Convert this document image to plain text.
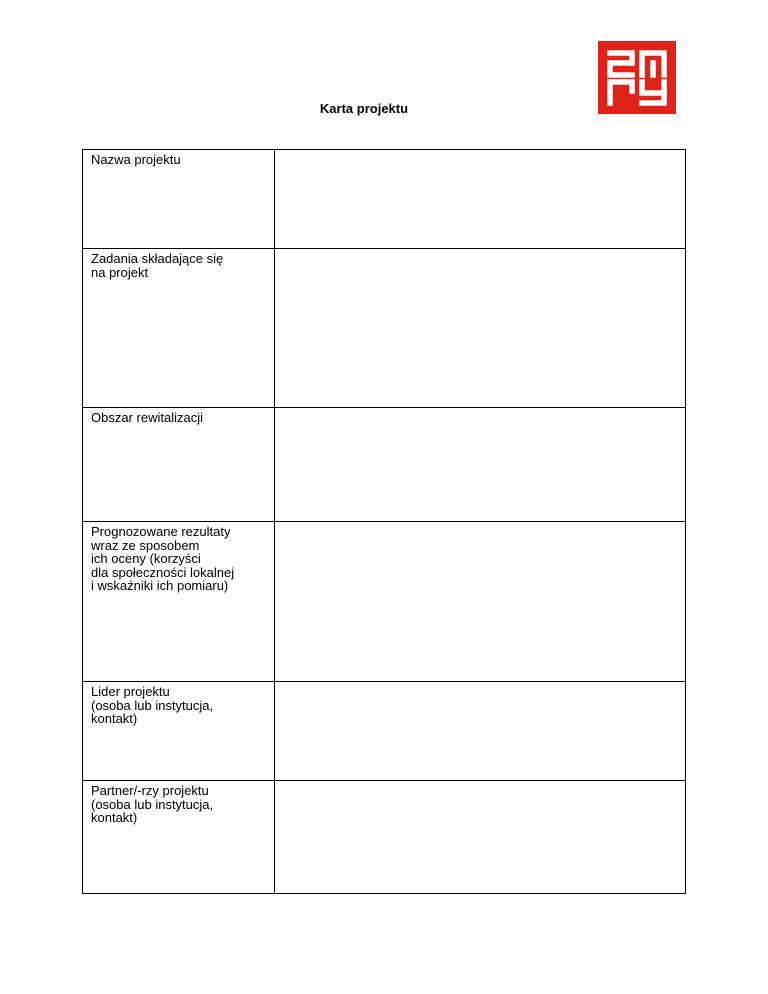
Karta projektu
Nazwa projektu	

Zadania składające się
na projekt	

Obszar rewitalizacji	

Prognozowane rezultaty
wraz ze sposobem
ich oceny (korzyści
dla społeczności lokalnej
i wskaźniki ich pomiaru)	

Lider projektu
(osoba lub instytucja,
kontakt)	

Partner/-rzy projektu
(osoba lub instytucja,
kontakt)	
